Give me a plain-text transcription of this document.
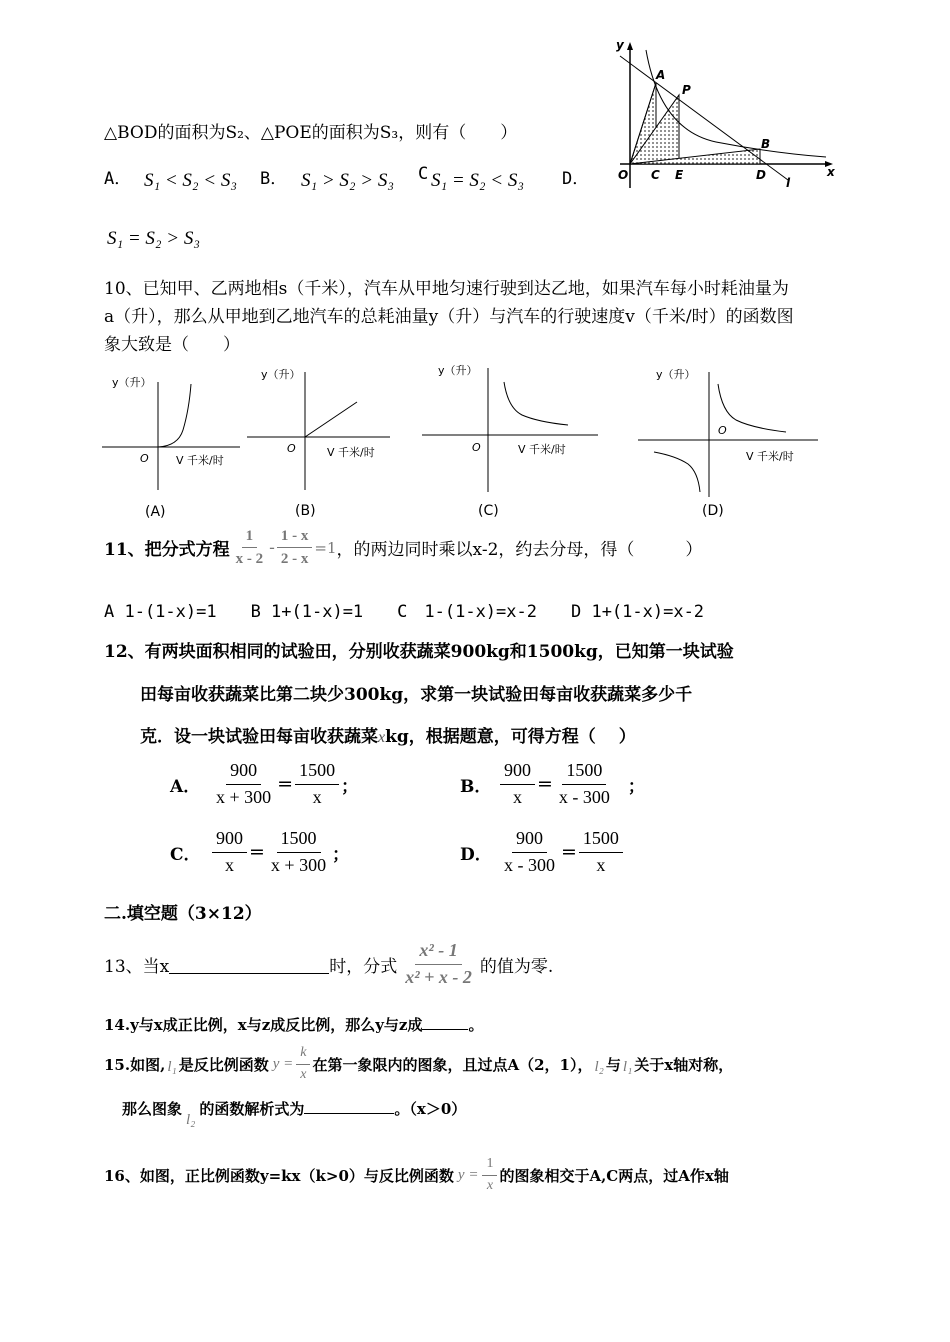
A
P
B
y
x
O C E	D
l
△BOD的面积为S₂、△POE的面积为S₃，则有（　　）
A． S₁ < S₂ < S₃ B． S₁ > S₂ > S₃ C S₁ = S₂ < S₃ D．
S₁ = S₂ > S₃
10、已知甲、乙两地相s（千米），汽车从甲地匀速行驶到达乙地，如果汽车每小时耗油量为
a（升），那么从甲地到乙地汽车的总耗油量y（升）与汽车的行驶速度v（千米/时）的函数图
象大致是（　　）
y（升）
O V 千米/时
(A)
y（升）
O	V 千米/时
(B)
y（升）
O	V 千米/时
(C)
y（升）
O
V 千米/时
(D)
11、把分式方程 $\frac{1}{x - 2} - \frac{1 - x}{2 - x} =1$ ，的两边同时乘以x-2，约去分母，得（　　　）
A 1-(1-x)=1　　B 1+(1-x)=1　　C　1-(1-x)=x-2　　D 1+(1-x)=x-2
12、有两块面积相同的试验田，分别收获蔬菜900kg和1500kg，已知第一块试验
田每亩收获蔬菜比第二块少300kg，求第一块试验田每亩收获蔬菜多少千
克．设一块试验田每亩收获蔬菜xkg，根据题意，可得方程（　 ）
A． $\frac{900}{x + 300} = \frac{1500}{x}$ ；	B． $\frac{900}{x} = \frac{1500}{x - 300}$ ；
C． $\frac{900}{x} = \frac{1500}{x + 300}$ ；	D． $\frac{900}{x - 300} = \frac{1500}{x}$
二.填空题（3×12）
13、当x	时，分式 $\frac{\text{x² - 1}}{\text{x² + x - 2}}$ 的值为零.
14.y与x成正比例，x与z成反比例，那么y与z成	。
15.如图, l₁ 是反比例函数 $y = \frac{k}{x}$ 在第一象限内的图象，且过点A（2，1）， l₂ 与 l₁ 关于x轴对称，
那么图象
l₂
的函数解析式为	。（x＞0）
16、如图，正比例函数y=kx（k>0）与反比例函数 $y = \frac{1}{x}$ 的图象相交于A,C两点，过A作x轴
